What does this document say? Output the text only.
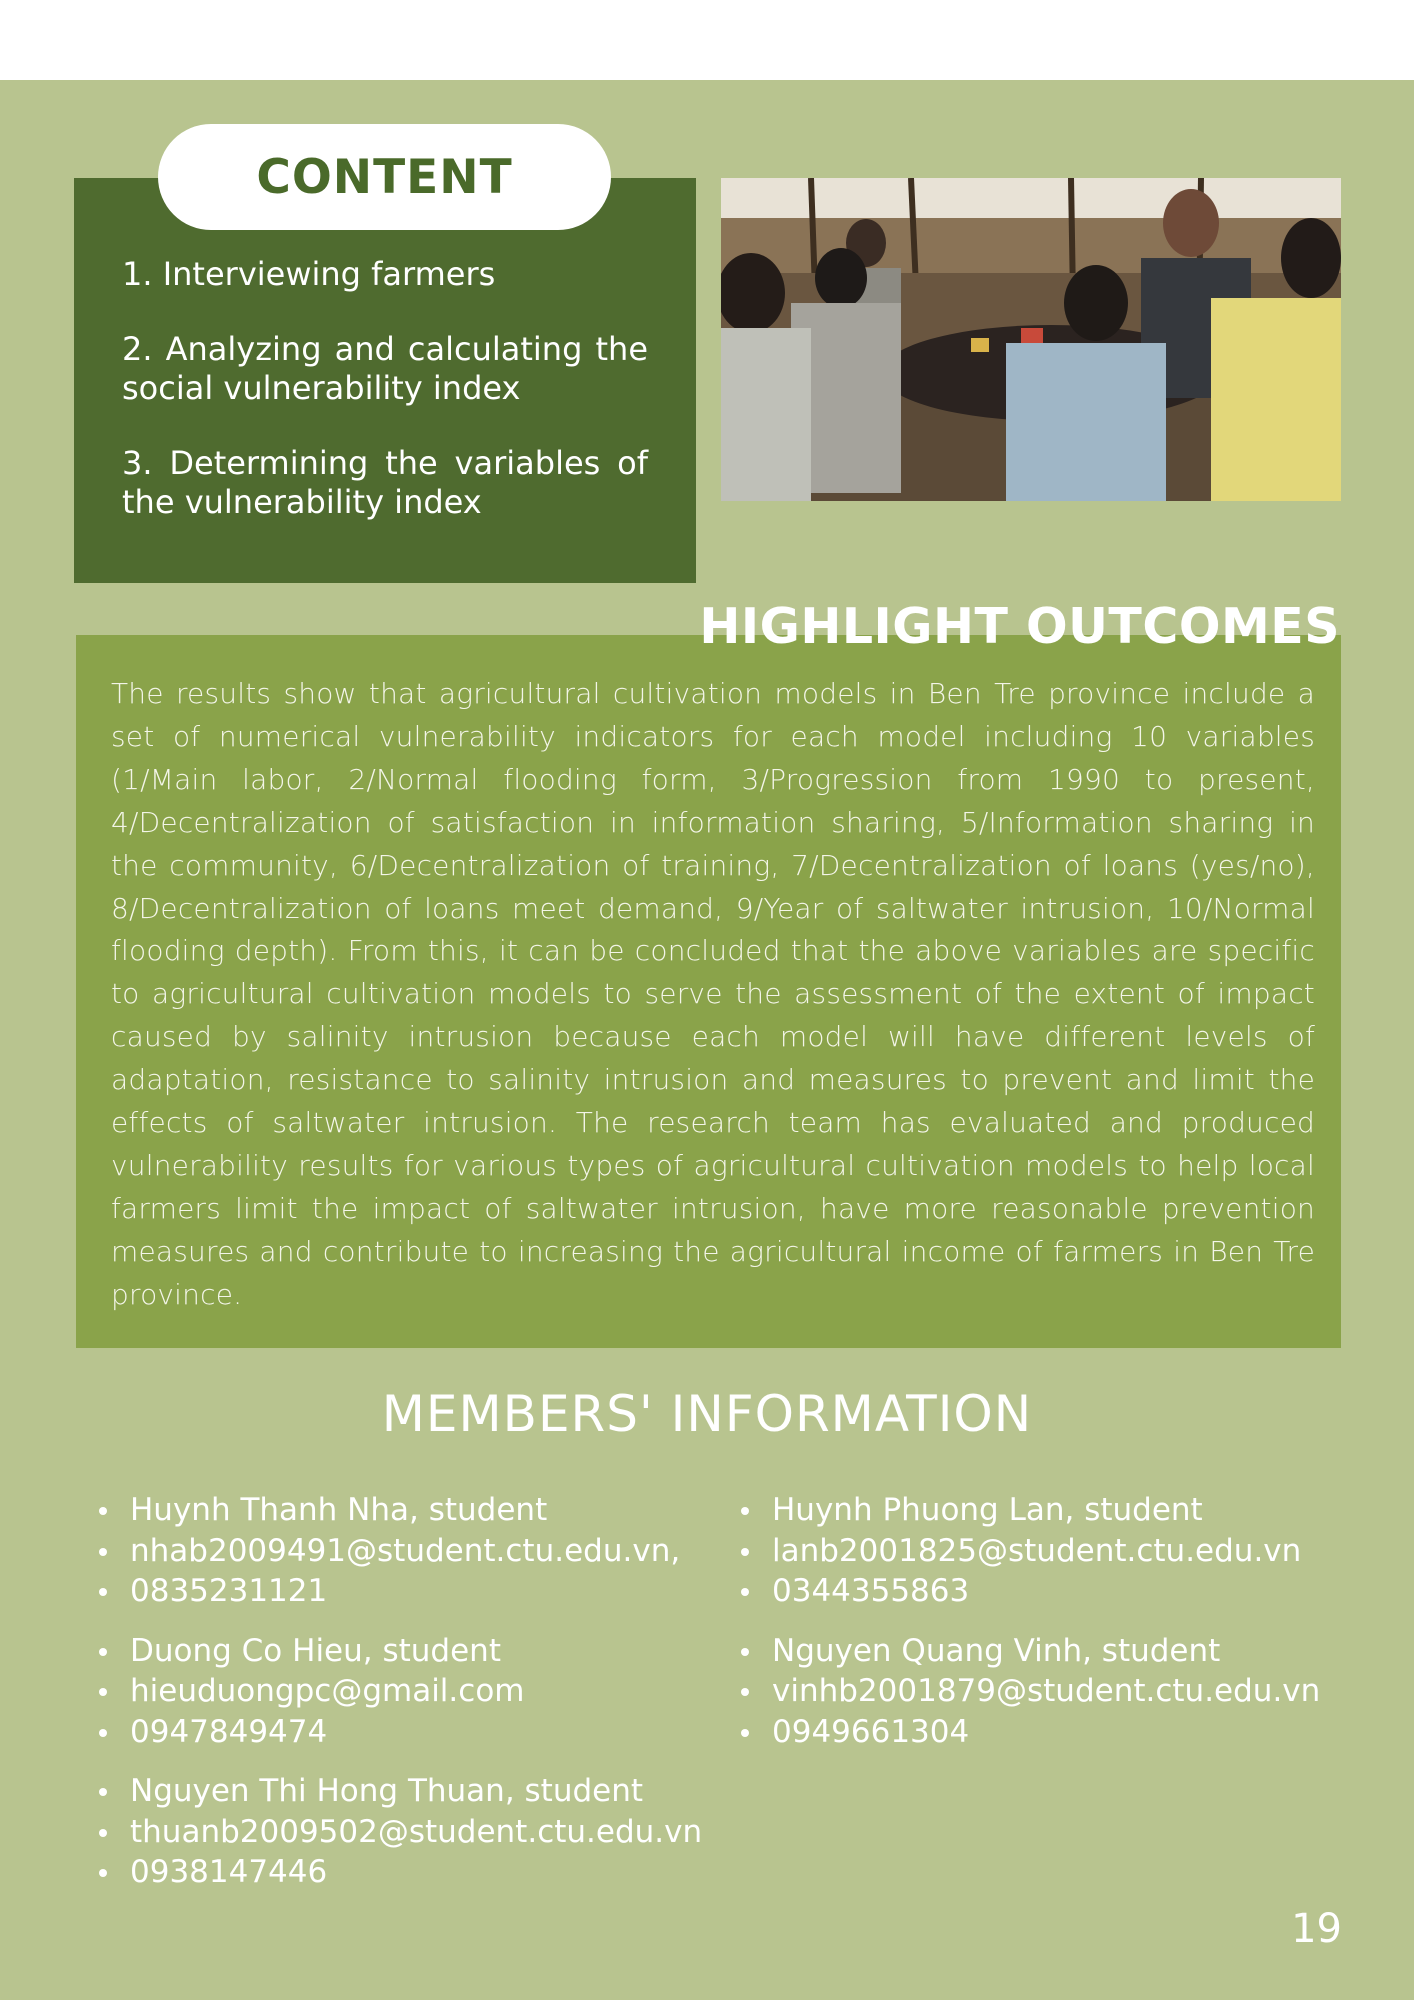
CONTENT

1. Interviewing farmers

2. Analyzing and calculating the social vulnerability index

3. Determining the variables of the vulnerability index

The results show that agricultural cultivation models in Ben Tre province include a set of numerical vulnerability indicators for each model including 10 variables (1/Main labor, 2/Normal flooding form, 3/Progression from 1990 to present, 4/Decentralization of satisfaction in information sharing, 5/Information sharing in the community, 6/Decentralization of training, 7/Decentralization of loans (yes/no), 8/Decentralization of loans meet demand, 9/Year of saltwater intrusion, 10/Normal flooding depth). From this, it can be concluded that the above variables are specific to agricultural cultivation models to serve the assessment of the extent of impact caused by salinity intrusion because each model will have different levels of adaptation, resistance to salinity intrusion and measures to prevent and limit the effects of saltwater intrusion. The research team has evaluated and produced vulnerability results for various types of agricultural cultivation models to help local farmers limit the impact of saltwater intrusion, have more reasonable prevention measures and contribute to increasing the agricultural income of farmers in Ben Tre province.

HIGHLIGHT OUTCOMES
MEMBERS' INFORMATION
Huynh Thanh Nha, student
nhab2009491@student.ctu.edu.vn,
0835231121
Duong Co Hieu, student
hieuduongpc@gmail.com
0947849474
Nguyen Thi Hong Thuan, student
thuanb2009502@student.ctu.edu.vn
0938147446
Huynh Phuong Lan, student
lanb2001825@student.ctu.edu.vn
0344355863
Nguyen Quang Vinh, student
vinhb2001879@student.ctu.edu.vn
0949661304
19
